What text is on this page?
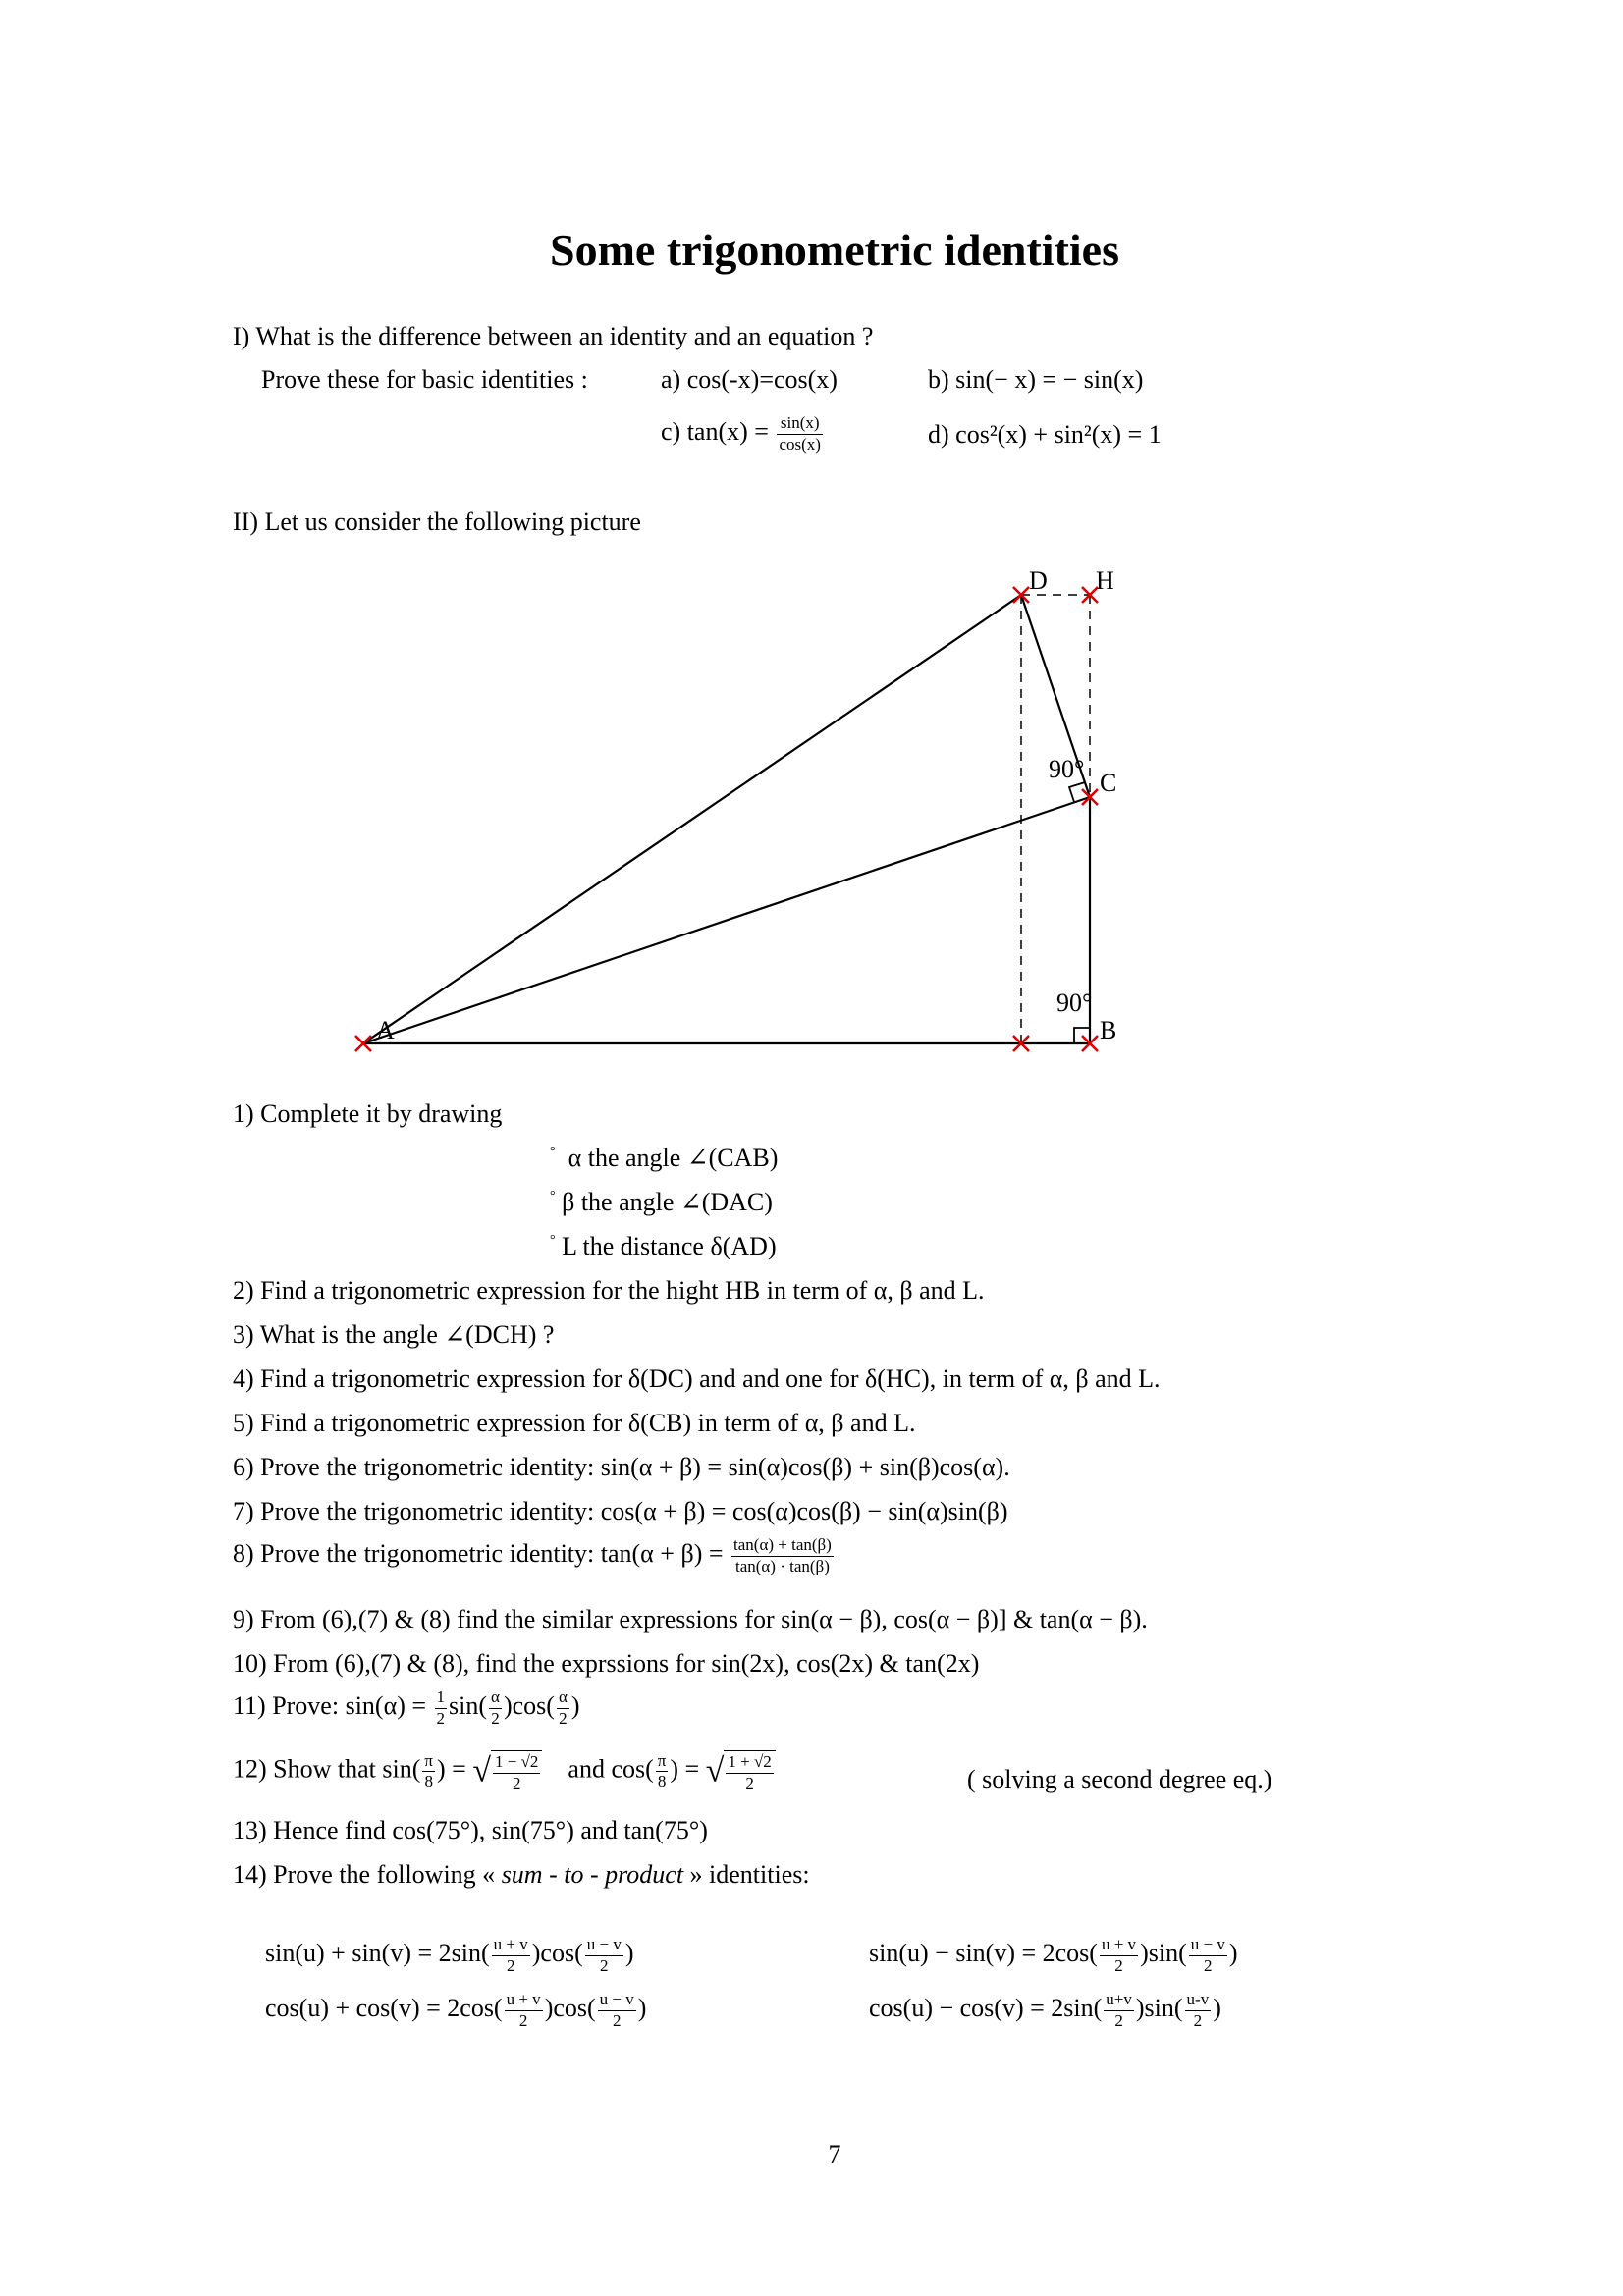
Some trigonometric identities
I) What is the difference between an identity and an equation ?
Prove these for basic identities :	a) cos(-x)=cos(x)	b) sin(− x) = − sin(x)
c) $\tan(x) = \frac{\sin(x)}{\cos(x)}$	d) cos²(x) + sin²(x) = 1
II) Let us consider the following picture
A	B
C
D H
90°
90°
1) Complete it by drawing
° α the angle ∠(CAB)
° β the angle ∠(DAC)
° L the distance δ(AD)
2) Find a trigonometric expression for the hight HB in term of α, β and L.
3) What is the angle ∠(DCH) ?
4) Find a trigonometric expression for δ(DC) and and one for δ(HC), in term of α, β and L.
5) Find a trigonometric expression for δ(CB) in term of α, β and L.
6) Prove the trigonometric identity: sin(α + β) = sin(α)cos(β) + sin(β)cos(α).
7) Prove the trigonometric identity: cos(α + β) = cos(α)cos(β) − sin(α)sin(β)
8) Prove the trigonometric identity: $\tan(\alpha + \beta) = \frac{\tan(\alpha) + \tan(\beta)}{\tan(\alpha) \cdot \tan(\beta)}$
9) From (6),(7) & (8) find the similar expressions for sin(α − β), cos(α − β)] & tan(α − β).
10) From (6),(7) & (8), find the exprssions for sin(2x), cos(2x) & tan(2x)
11) Prove: $\sin(\alpha) = \frac{1}{2} \sin( \frac{\alpha}{2} )\cos( \frac{\alpha}{2}$ )
12) Show that $\sin( \frac{\pi}{8}$ ) = √ $\frac{1 - √2}{2}$ and $\cos( \frac{\pi}{8}$ ) = √ $\frac{1 + √2}{2}$	( solving a second degree eq.)
13) Hence find cos(75°), sin(75°) and tan(75°)
14) Prove the following « sum - to - product » identities:
$\sin(u) + \sin(v) = 2\sin( \frac{u + v}{2} )\cos( \frac{u - v}{2}$ )	$\sin(u) - \sin(v) = 2\cos( \frac{u + v}{2} )\sin( \frac{u - v}{2}$ )
$\cos(u) + \cos(v) = 2\cos( \frac{u + v}{2} )\cos( \frac{u - v}{2}$ )	$\cos(u) - \cos(v) = 2\sin( \frac{u+v}{2} )\sin( \frac{u-v}{2}$ )
7
